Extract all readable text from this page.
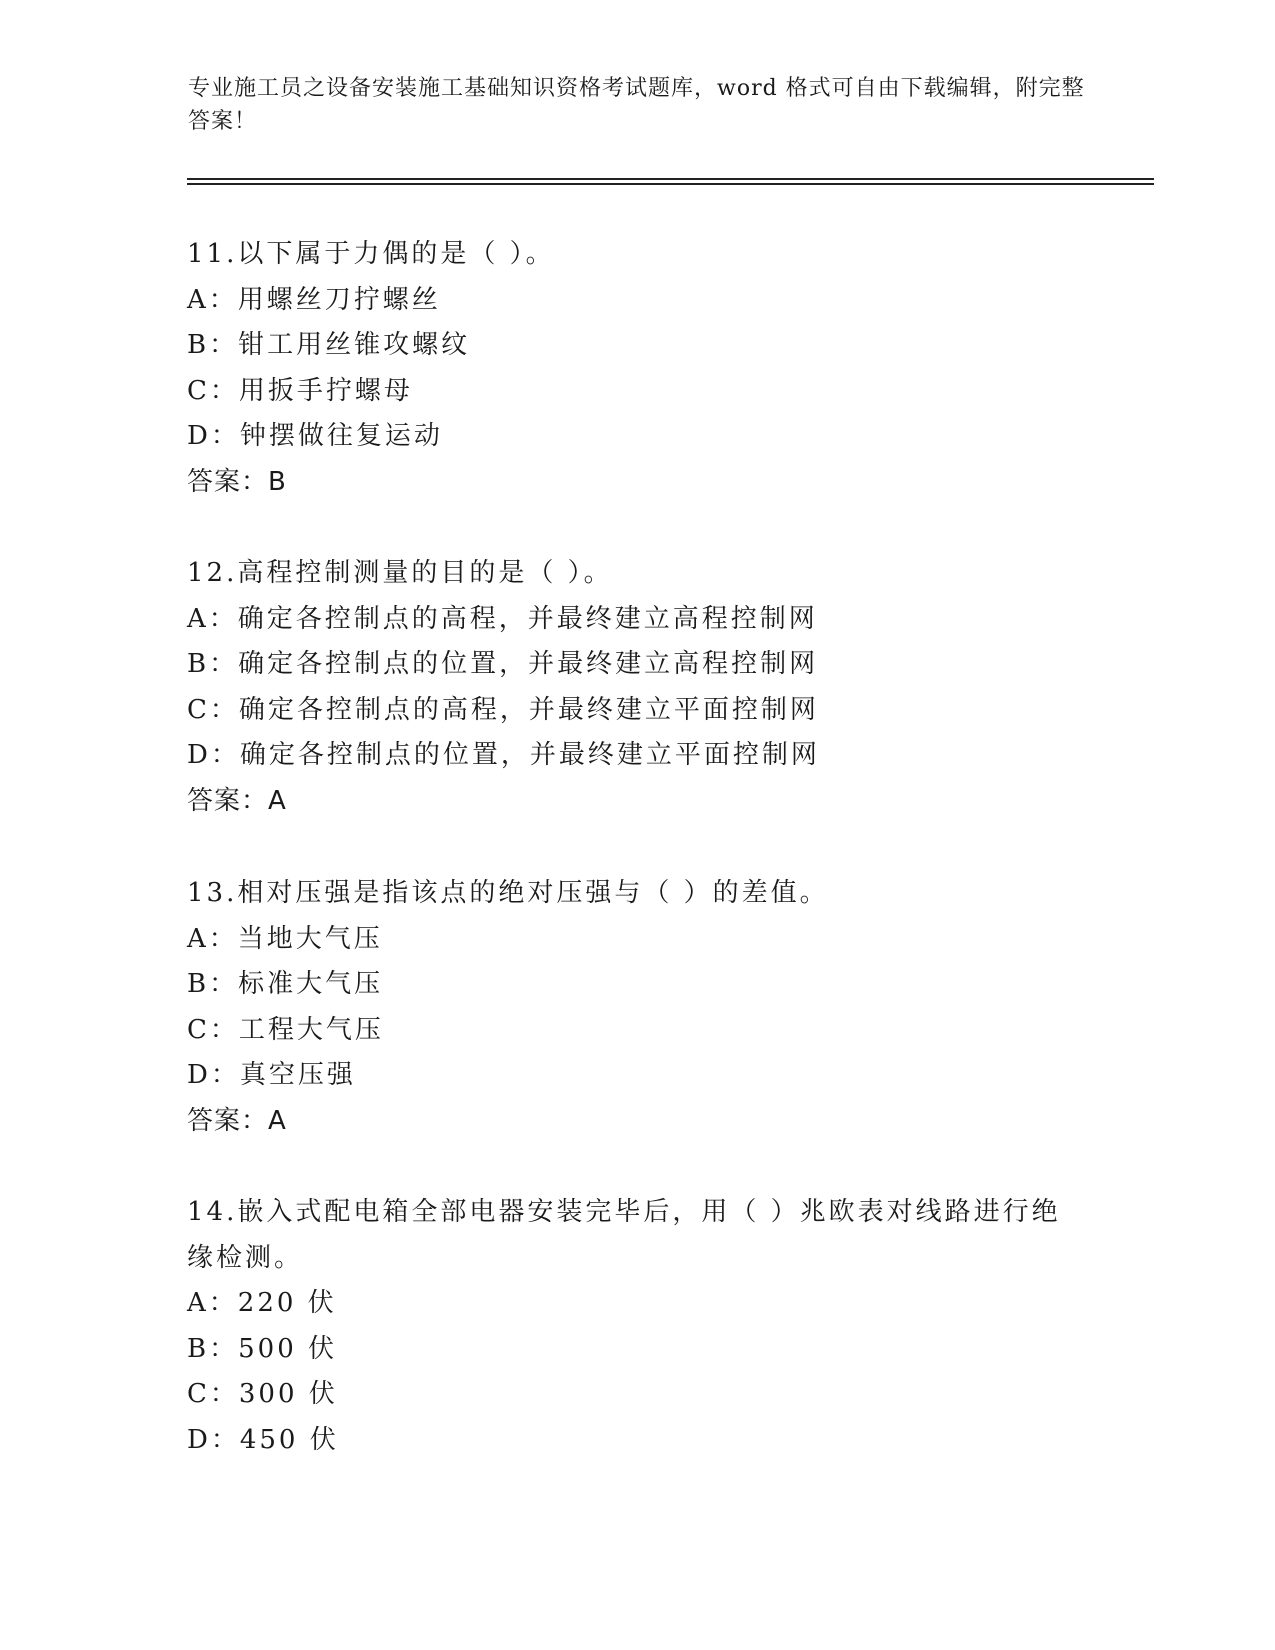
专业施工员之设备安装施工基础知识资格考试题库，word 格式可自由下载编辑，附完整答案！
11.以下属于力偶的是（ ）。
A：用螺丝刀拧螺丝
B：钳工用丝锥攻螺纹
C：用扳手拧螺母
D：钟摆做往复运动
答案：B
12.高程控制测量的目的是（ ）。
A：确定各控制点的高程，并最终建立高程控制网
B：确定各控制点的位置，并最终建立高程控制网
C：确定各控制点的高程，并最终建立平面控制网
D：确定各控制点的位置，并最终建立平面控制网
答案：A
13.相对压强是指该点的绝对压强与（ ）的差值。
A：当地大气压
B：标准大气压
C：工程大气压
D：真空压强
答案：A
14.嵌入式配电箱全部电器安装完毕后，用（ ）兆欧表对线路进行绝
缘检测。
A：220 伏
B：500 伏
C：300 伏
D：450 伏
